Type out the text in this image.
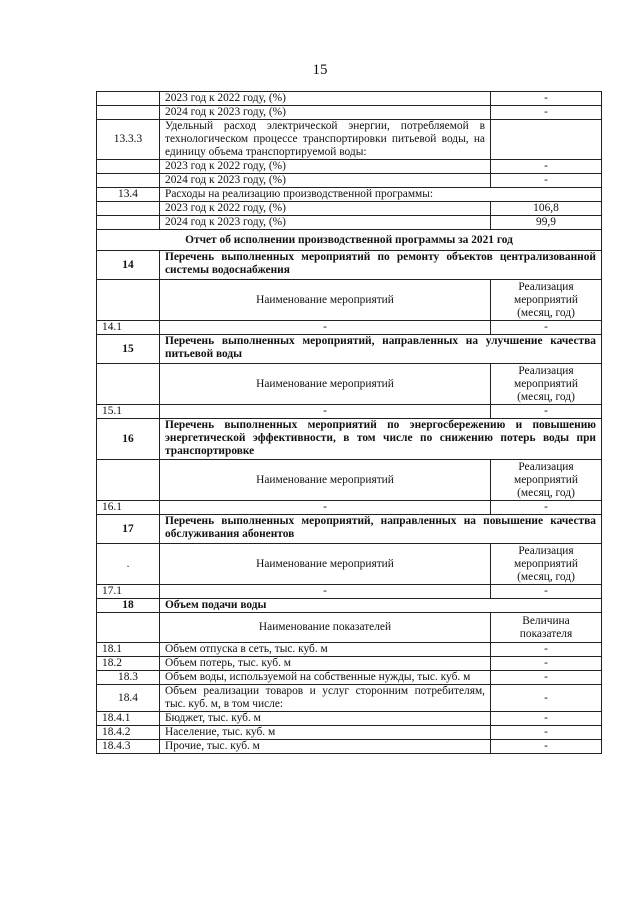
15
	2023 год к 2022 году, (%)	-
	2024 год к 2023 году, (%)	-
13.3.3	Удельный расход электрической энергии, потребляемой в технологическом процессе транспортировки питьевой воды, на единицу объема транспортируемой воды:	
	2023 год к 2022 году, (%)	-
	2024 год к 2023 году, (%)	-
13.4	Расходы на реализацию производственной программы:	
	2023 год к 2022 году, (%)	106,8
	2024 год к 2023 году, (%)	99,9
Отчет об исполнении производственной программы за 2021 год		
14	Перечень выполненных мероприятий по ремонту объектов централизованной системы водоснабжения	
	Наименование мероприятий	Реализация мероприятий (месяц, год)
14.1	-	-
15	Перечень выполненных мероприятий, направленных на улучшение качества питьевой воды	
	Наименование мероприятий	Реализация мероприятий (месяц, год)
15.1	-	-
16	Перечень выполненных мероприятий по энергосбережению и повышению энергетической эффективности, в том числе по снижению потерь воды при транспортировке	
	Наименование мероприятий	Реализация мероприятий (месяц, год)
16.1	-	-
17	Перечень выполненных мероприятий, направленных на повышение качества обслуживания абонентов	
.	Наименование мероприятий	Реализация мероприятий (месяц, год)
17.1	-	-
18	Объем подачи воды	
	Наименование показателей	Величина показателя
18.1	Объем отпуска в сеть, тыс. куб. м	-
18.2	Объем потерь, тыс. куб. м	-
18.3	Объем воды, используемой на собственные нужды, тыс. куб. м	-
18.4	Объем реализации товаров и услуг сторонним потребителям, тыс. куб. м, в том числе:	-
18.4.1	Бюджет, тыс. куб. м	-
18.4.2	Население, тыс. куб. м	-
18.4.3	Прочие, тыс. куб. м	-
